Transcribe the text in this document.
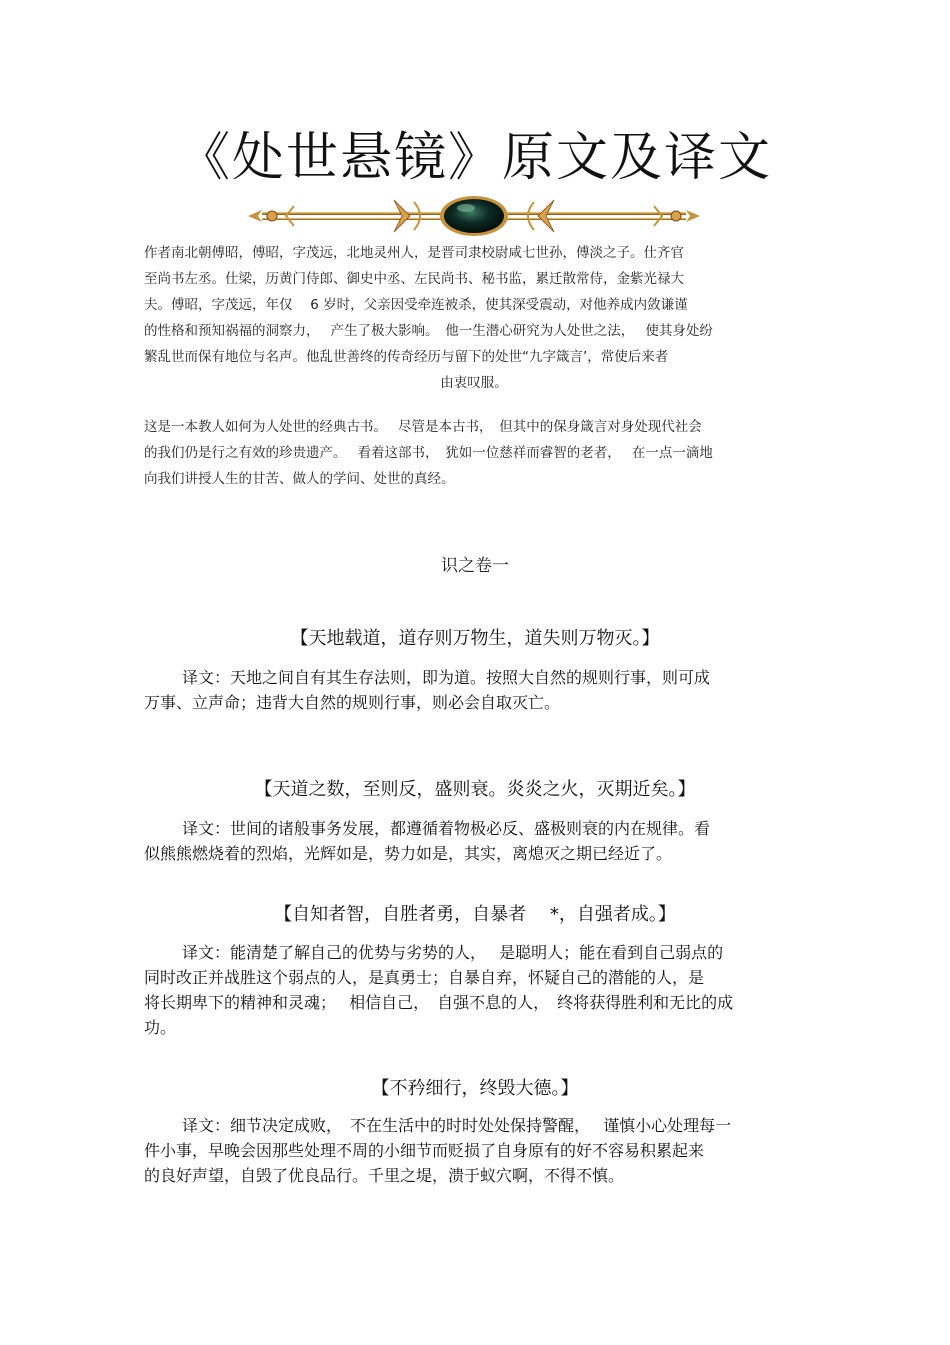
《处世悬镜》原文及译文

作者南北朝傅昭，傅昭，字茂远，北地灵州人，是晋司隶校尉咸七世孙，傅淡之子。仕齐官

至尚书左丞。仕梁，历黄门侍郎、御史中丞、左民尚书、秘书监，累迁散常侍，金紫光禄大

夫。傅昭，字茂远，年仅　 6 岁时，父亲因受牵连被杀，使其深受震动，对他养成内敛谦谨

的性格和预知祸福的洞察力，　 产生了极大影响。　他一生潜心研究为人处世之法，　 使其身处纷

繁乱世而保有地位与名声。他乱世善终的传奇经历与留下的处世“九字箴言’，常使后来者

由衷叹服。

这是一本教人如何为人处世的经典古书。　 尽管是本古书，　但其中的保身箴言对身处现代社会

的我们仍是行之有效的珍贵遗产。　 看着这部书，　犹如一位慈祥而睿智的老者，　 在一点一滴地

向我们讲授人生的甘苦、做人的学问、处世的真经。

识之卷一
【天地载道，道存则万物生，道失则万物灭。】

译文：天地之间自有其生存法则，即为道。按照大自然的规则行事，则可成

万事、立声命；违背大自然的规则行事，则必会自取灭亡。

【天道之数，至则反，盛则衰。炎炎之火，灭期近矣。】

译文：世间的诸般事务发展，都遵循着物极必反、盛极则衰的内在规律。看

似熊熊燃烧着的烈焰，光辉如是，势力如是，其实，离熄灭之期已经近了。

【自知者智，自胜者勇，自暴者　 *，自强者成。】

译文：能清楚了解自己的优势与劣势的人，　 是聪明人；能在看到自己弱点的

同时改正并战胜这个弱点的人，是真勇士；自暴自弃，怀疑自己的潜能的人，是

将长期卑下的精神和灵魂；　 相信自己，　自强不息的人，　终将获得胜利和无比的成

功。

【不矜细行，终毁大德。】

译文：细节决定成败，　不在生活中的时时处处保持警醒，　 谨慎小心处理每一

件小事，早晚会因那些处理不周的小细节而贬损了自身原有的好不容易积累起来

的良好声望，自毁了优良品行。千里之堤，溃于蚁穴啊，不得不慎。
